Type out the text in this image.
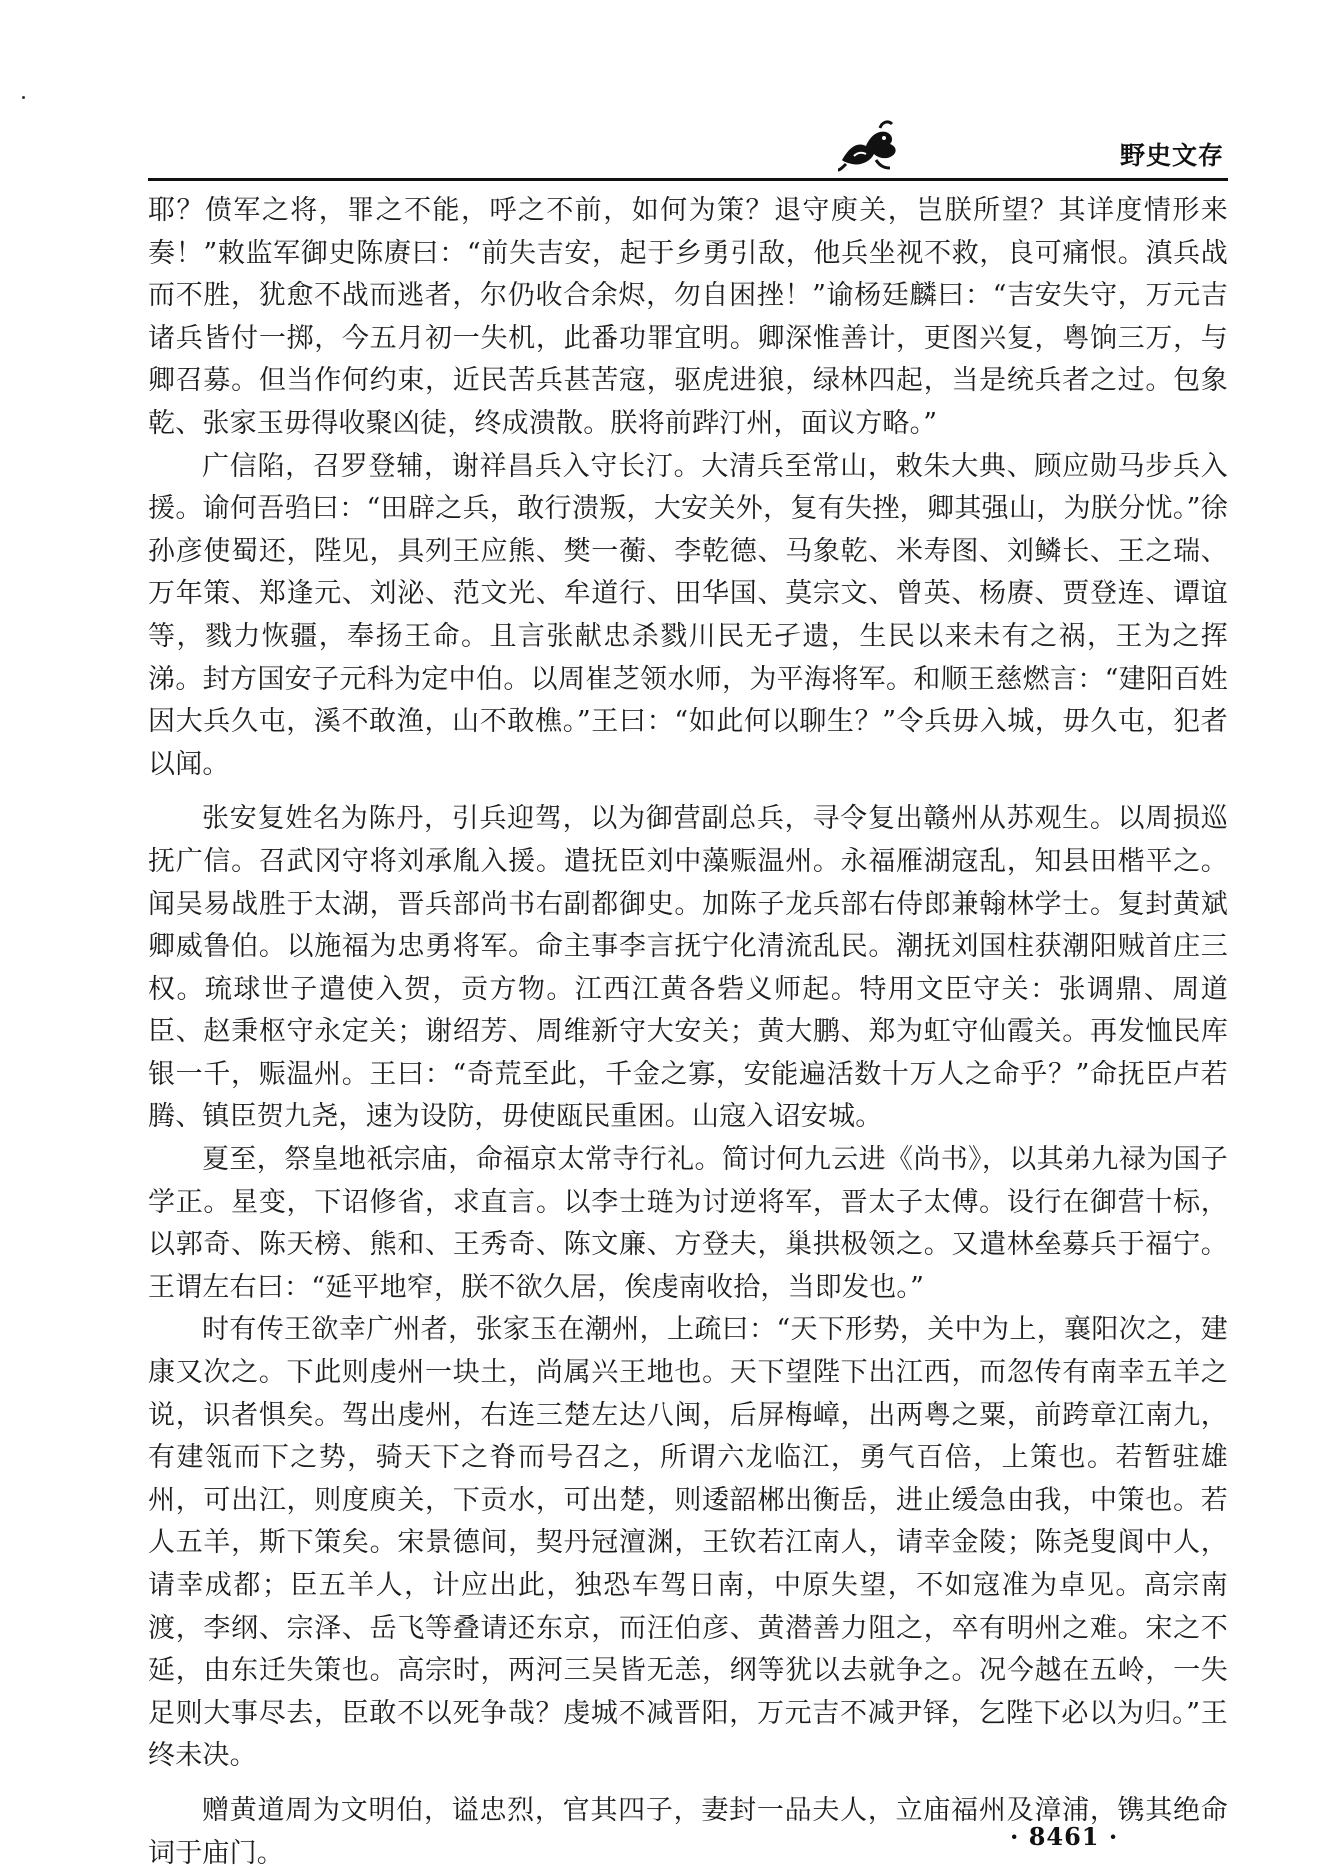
野史文存

耶？偾军之将，罪之不能，呼之不前，如何为策？退守庾关，岂朕所望？其详度情形来奏！”敕监军御史陈赓曰：“前失吉安，起于乡勇引敌，他兵坐视不救，良可痛恨。滇兵战而不胜，犹愈不战而逃者，尔仍收合余烬，勿自困挫！”谕杨廷麟曰：“吉安失守，万元吉诸兵皆付一掷，今五月初一失机，此番功罪宜明。卿深惟善计，更图兴复，粤饷三万，与卿召募。但当作何约束，近民苦兵甚苦寇，驱虎进狼，绿林四起，当是统兵者之过。包象乾、张家玉毋得收聚凶徒，终成溃散。朕将前跸汀州，面议方略。”

广信陷，召罗登辅，谢祥昌兵入守长汀。大清兵至常山，敕朱大典、顾应勋马步兵入援。谕何吾驺曰：“田辟之兵，敢行溃叛，大安关外，复有失挫，卿其强山，为朕分忧。”徐孙彦使蜀还，陛见，具列王应熊、樊一蘅、李乾德、马象乾、米寿图、刘鳞长、王之瑞、万年策、郑逢元、刘泌、范文光、牟道行、田华国、莫宗文、曾英、杨赓、贾登连、谭谊等，戮力恢疆，奉扬王命。且言张献忠杀戮川民无孑遗，生民以来未有之祸，王为之挥涕。封方国安子元科为定中伯。以周崔芝领水师，为平海将军。和顺王慈燃言：“建阳百姓因大兵久屯，溪不敢渔，山不敢樵。”王曰：“如此何以聊生？”令兵毋入城，毋久屯，犯者以闻。

张安复姓名为陈丹，引兵迎驾，以为御营副总兵，寻令复出赣州从苏观生。以周损巡抚广信。召武冈守将刘承胤入援。遣抚臣刘中藻赈温州。永福雁湖寇乱，知县田楷平之。闻吴易战胜于太湖，晋兵部尚书右副都御史。加陈子龙兵部右侍郎兼翰林学士。复封黄斌卿威鲁伯。以施福为忠勇将军。命主事李言抚宁化清流乱民。潮抚刘国柱获潮阳贼首庄三权。琉球世子遣使入贺，贡方物。江西江黄各砦义师起。特用文臣守关：张调鼎、周道臣、赵秉枢守永定关；谢绍芳、周维新守大安关；黄大鹏、郑为虹守仙霞关。再发恤民库银一千，赈温州。王曰：“奇荒至此，千金之寡，安能遍活数十万人之命乎？”命抚臣卢若腾、镇臣贺九尧，速为设防，毋使瓯民重困。山寇入诏安城。

夏至，祭皇地祇宗庙，命福京太常寺行礼。简讨何九云进《尚书》，以其弟九禄为国子学正。星变，下诏修省，求直言。以李士琏为讨逆将军，晋太子太傅。设行在御营十标，以郭奇、陈天榜、熊和、王秀奇、陈文廉、方登夫，巢拱极领之。又遣林垒募兵于福宁。王谓左右曰：“延平地窄，朕不欲久居，俟虔南收拾，当即发也。”

时有传王欲幸广州者，张家玉在潮州，上疏曰：“天下形势，关中为上，襄阳次之，建康又次之。下此则虔州一块土，尚属兴王地也。天下望陛下出江西，而忽传有南幸五羊之说，识者惧矣。驾出虔州，右连三楚左达八闽，后屏梅嶂，出两粤之粟，前跨章江南九，有建瓴而下之势，骑天下之脊而号召之，所谓六龙临江，勇气百倍，上策也。若暂驻雄州，可出江，则度庾关，下贡水，可出楚，则逶韶郴出衡岳，进止缓急由我，中策也。若人五羊，斯下策矣。宋景德间，契丹冠澶渊，王钦若江南人，请幸金陵；陈尧叟阆中人，请幸成都；臣五羊人，计应出此，独恐车驾日南，中原失望，不如寇准为卓见。高宗南渡，李纲、宗泽、岳飞等叠请还东京，而汪伯彦、黄潜善力阻之，卒有明州之难。宋之不延，由东迁失策也。高宗时，两河三吴皆无恙，纲等犹以去就争之。况今越在五岭，一失足则大事尽去，臣敢不以死争哉？虔城不减晋阳，万元吉不减尹铎，乞陛下必以为归。”王终未决。

赠黄道周为文明伯，谥忠烈，官其四子，妻封一品夫人，立庙福州及漳浦，镌其绝命词于庙门。

· 8461 ·
